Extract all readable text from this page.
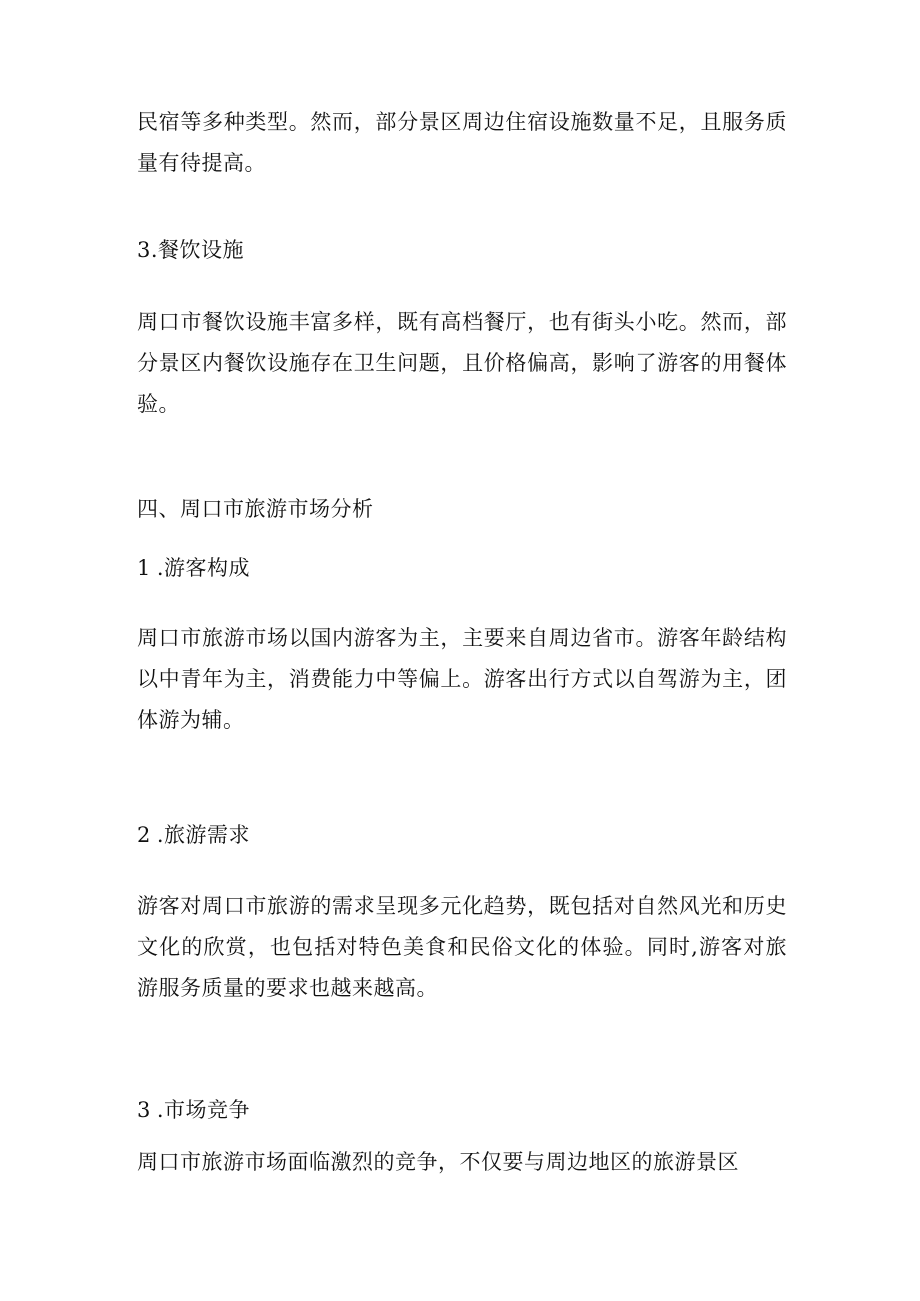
民宿等多种类型。然而，部分景区周边住宿设施数量不足，且服务质量有待提高。

3.餐饮设施

周口市餐饮设施丰富多样，既有高档餐厅，也有街头小吃。然而，部分景区内餐饮设施存在卫生问题，且价格偏高，影响了游客的用餐体验。

四、周口市旅游市场分析
1 .游客构成

周口市旅游市场以国内游客为主，主要来自周边省市。游客年龄结构以中青年为主，消费能力中等偏上。游客出行方式以自驾游为主，团体游为辅。

2 .旅游需求

游客对周口市旅游的需求呈现多元化趋势，既包括对自然风光和历史文化的欣赏，也包括对特色美食和民俗文化的体验。同时,游客对旅游服务质量的要求也越来越高。

3 .市场竞争

周口市旅游市场面临激烈的竞争，不仅要与周边地区的旅游景区
